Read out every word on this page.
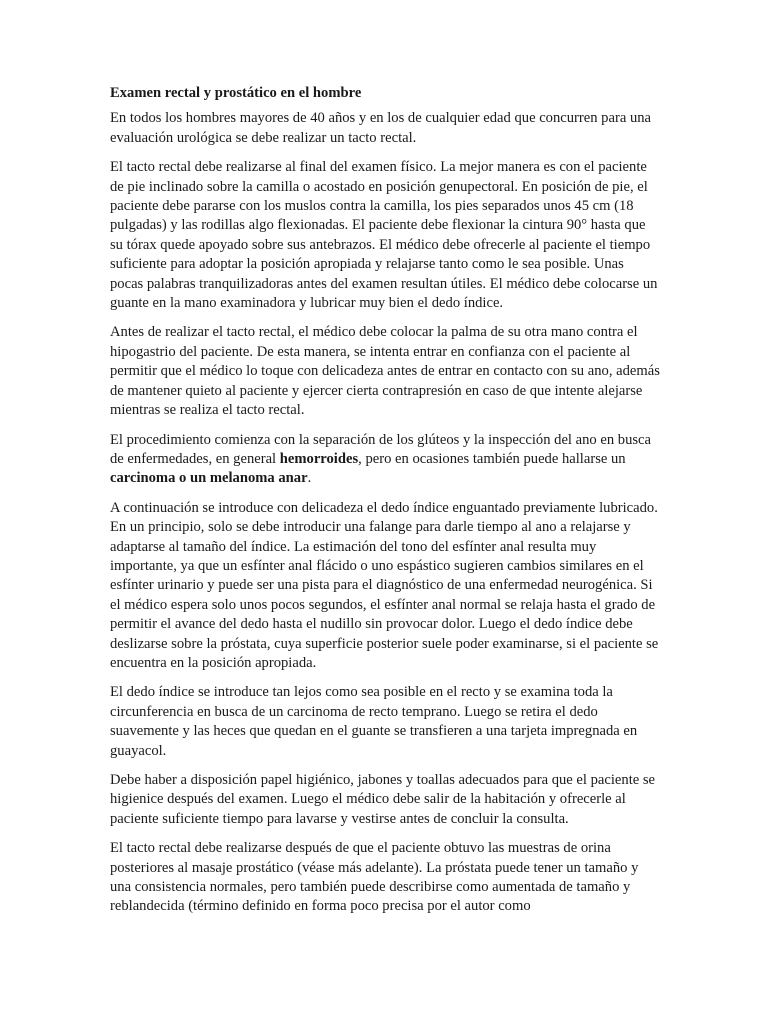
Examen rectal y prostático en el hombre

En todos los hombres mayores de 40 años y en los de cualquier edad que concurren para una evaluación urológica se debe realizar un tacto rectal.

El tacto rectal debe realizarse al final del examen físico. La mejor manera es con el paciente de pie inclinado sobre la camilla o acostado en posición genupectoral. En posición de pie, el paciente debe pararse con los muslos contra la camilla, los pies separados unos 45 cm (18 pulgadas) y las rodillas algo flexionadas. El paciente debe flexionar la cintura 90° hasta que su tórax quede apoyado sobre sus antebrazos. El médico debe ofrecerle al paciente el tiempo suficiente para adoptar la posición apropiada y relajarse tanto como le sea posible. Unas pocas palabras tranquilizadoras antes del examen resultan útiles. El médico debe colocarse un guante en la mano examinadora y lubricar muy bien el dedo índice.

Antes de realizar el tacto rectal, el médico debe colocar la palma de su otra mano contra el hipogastrio del paciente. De esta manera, se intenta entrar en confianza con el paciente al permitir que el médico lo toque con delicadeza antes de entrar en contacto con su ano, además de mantener quieto al paciente y ejercer cierta contrapresión en caso de que intente alejarse mientras se realiza el tacto rectal.

El procedimiento comienza con la separación de los glúteos y la inspección del ano en busca de enfermedades, en general hemorroides, pero en ocasiones también puede hallarse un carcinoma o un melanoma anar.

A continuación se introduce con delicadeza el dedo índice enguantado previamente lubricado. En un principio, solo se debe introducir una falange para darle tiempo al ano a relajarse y adaptarse al tamaño del índice. La estimación del tono del esfínter anal resulta muy importante, ya que un esfínter anal flácido o uno espástico sugieren cambios similares en el esfínter urinario y puede ser una pista para el diagnóstico de una enfermedad neurogénica. Si el médico espera solo unos pocos segundos, el esfínter anal normal se relaja hasta el grado de permitir el avance del dedo hasta el nudillo sin provocar dolor. Luego el dedo índice debe deslizarse sobre la próstata, cuya superficie posterior suele poder examinarse, si el paciente se encuentra en la posición apropiada.

El dedo índice se introduce tan lejos como sea posible en el recto y se examina toda la circunferencia en busca de un carcinoma de recto temprano. Luego se retira el dedo suavemente y las heces que quedan en el guante se transfieren a una tarjeta impregnada en guayacol.

Debe haber a disposición papel higiénico, jabones y toallas adecuados para que el paciente se higienice después del examen. Luego el médico debe salir de la habitación y ofrecerle al paciente suficiente tiempo para lavarse y vestirse antes de concluir la consulta.

El tacto rectal debe realizarse después de que el paciente obtuvo las muestras de orina posteriores al masaje prostático (véase más adelante). La próstata puede tener un tamaño y una consistencia normales, pero también puede describirse como aumentada de tamaño y reblandecida (término definido en forma poco precisa por el autor como
